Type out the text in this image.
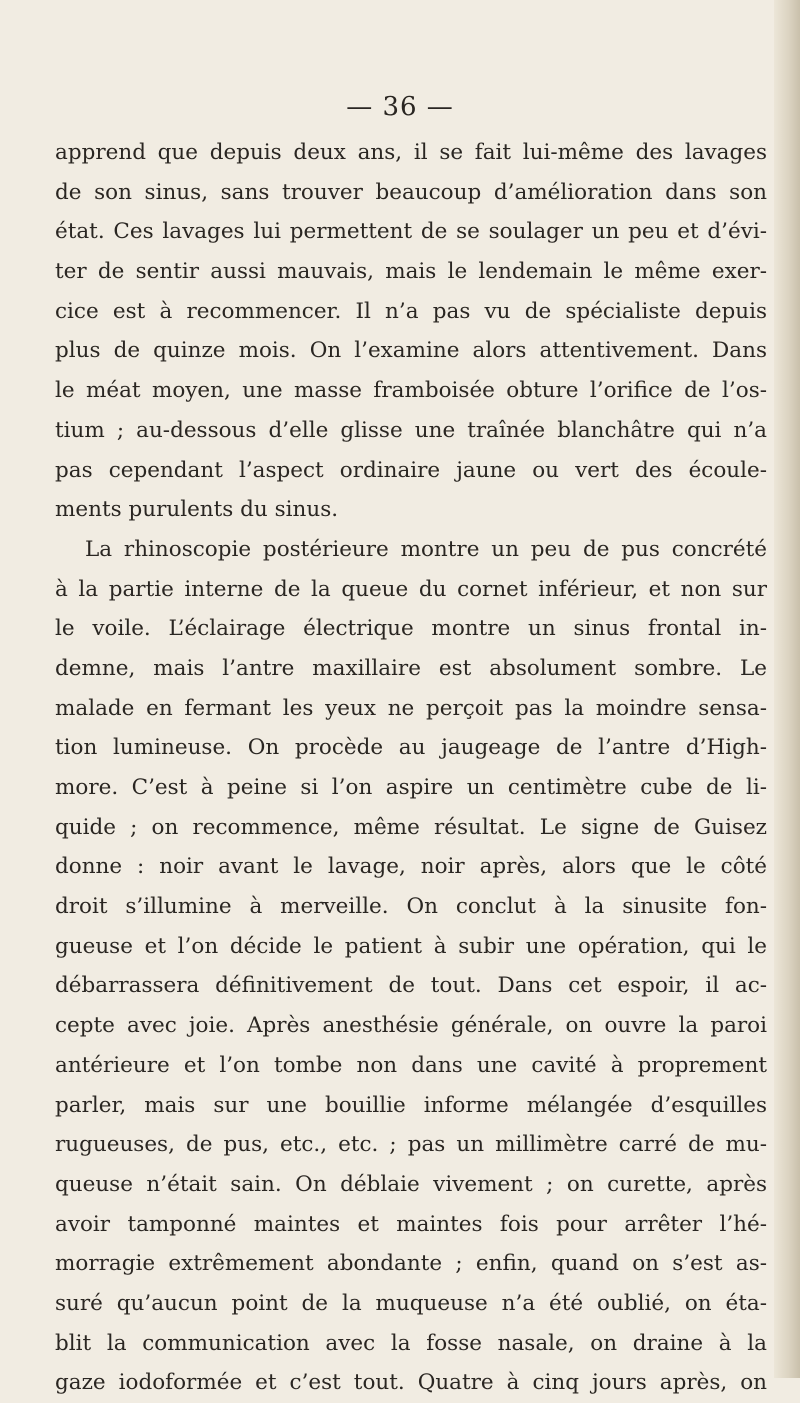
— 36 —
apprend que depuis deux ans, il se fait lui-même des lavages
de son sinus, sans trouver beaucoup d’amélioration dans son
état. Ces lavages lui permettent de se soulager un peu et d’évi-
ter de sentir aussi mauvais, mais le lendemain le même exer-
cice est à recommencer. Il n’a pas vu de spécialiste depuis
plus de quinze mois. On l’examine alors attentivement. Dans
le méat moyen, une masse framboisée obture l’orifice de l’os-
tium ; au-dessous d’elle glisse une traînée blanchâtre qui n’a
pas cependant l’aspect ordinaire jaune ou vert des écoule-
ments purulents du sinus.
La rhinoscopie postérieure montre un peu de pus concrété
à la partie interne de la queue du cornet inférieur, et non sur
le voile. L’éclairage électrique montre un sinus frontal in-
demne, mais l’antre maxillaire est absolument sombre. Le
malade en fermant les yeux ne perçoit pas la moindre sensa-
tion lumineuse. On procède au jaugeage de l’antre d’High-
more. C’est à peine si l’on aspire un centimètre cube de li-
quide ; on recommence, même résultat. Le signe de Guisez
donne : noir avant le lavage, noir après, alors que le côté
droit s’illumine à merveille. On conclut à la sinusite fon-
gueuse et l’on décide le patient à subir une opération, qui le
débarrassera définitivement de tout. Dans cet espoir, il ac-
cepte avec joie. Après anesthésie générale, on ouvre la paroi
antérieure et l’on tombe non dans une cavité à proprement
parler, mais sur une bouillie informe mélangée d’esquilles
rugueuses, de pus, etc., etc. ; pas un millimètre carré de mu-
queuse n’était sain. On déblaie vivement ; on curette, après
avoir tamponné maintes et maintes fois pour arrêter l’hé-
morragie extrêmement abondante ; enfin, quand on s’est as-
suré qu’aucun point de la muqueuse n’a été oublié, on éta-
blit la communication avec la fosse nasale, on draine à la
gaze iodoformée et c’est tout. Quatre à cinq jours après, on
